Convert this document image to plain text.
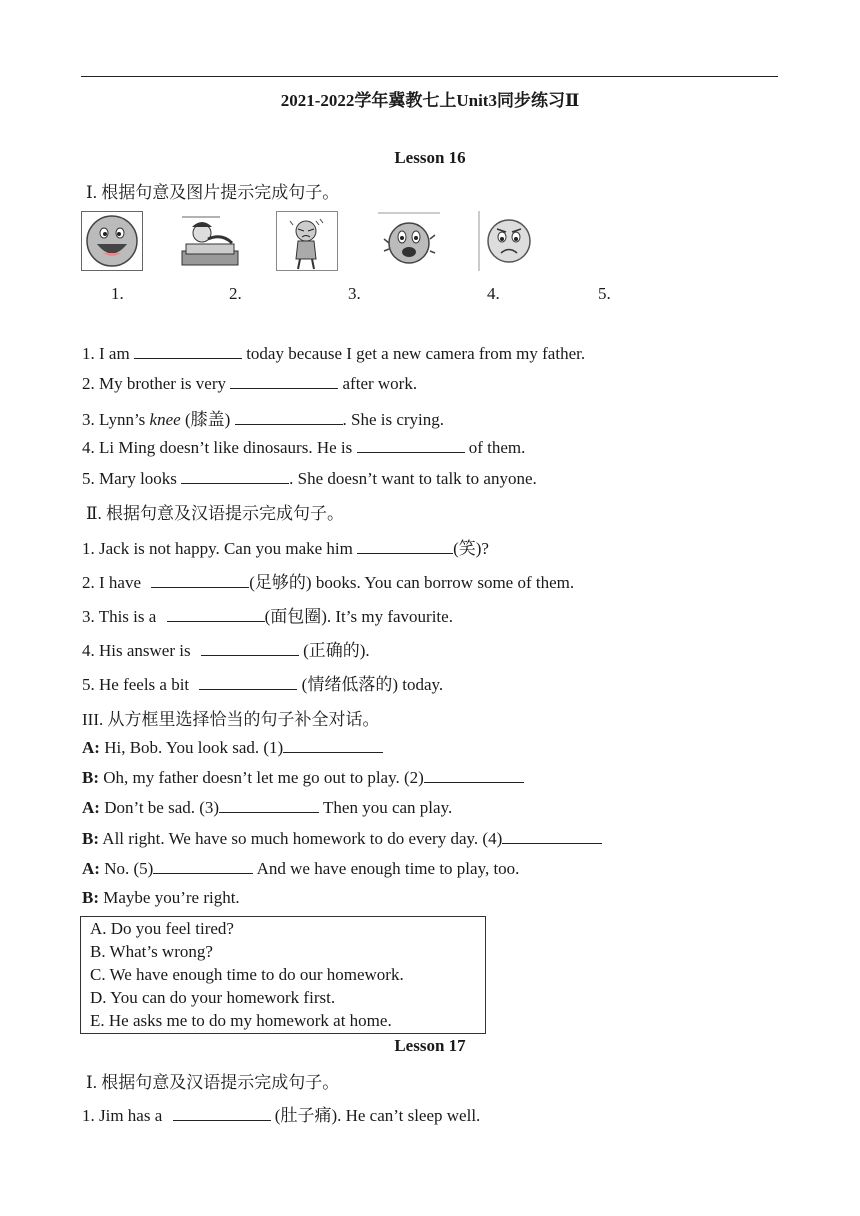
2021-2022学年冀教七上Unit3同步练习Ⅱ
Lesson 16
Ⅰ. 根据句意及图片提示完成句子。
1.	2.	3.	4.	5.
1. I am	today because I get a new camera from my father.
2. My brother is very	after work.
3. Lynn’s knee (膝盖)	. She is crying.
4. Li Ming doesn’t like dinosaurs. He is	of them.
5. Mary looks	. She doesn’t want to talk to anyone.
Ⅱ. 根据句意及汉语提示完成句子。
1. Jack is not happy. Can you make him	(笑)?
2. I have	(足够的) books. You can borrow some of them.
3. This is a	(面包圈). It’s my favourite.
4. His answer is	(正确的).
5. He feels a bit	(情绪低落的) today.
III. 从方框里选择恰当的句子补全对话。
A: Hi, Bob. You look sad. (1)
B: Oh, my father doesn’t let me go out to play. (2)
A: Don’t be sad. (3)	Then you can play.
B: All right. We have so much homework to do every day. (4)
A: No. (5)	And we have enough time to play, too.
B: Maybe you’re right.
A. Do you feel tired?
B. What’s wrong?
C. We have enough time to do our homework.
D. You can do your homework first.
E. He asks me to do my homework at home.
Lesson 17
Ⅰ. 根据句意及汉语提示完成句子。
1. Jim has a	(肚子痛). He can’t sleep well.
